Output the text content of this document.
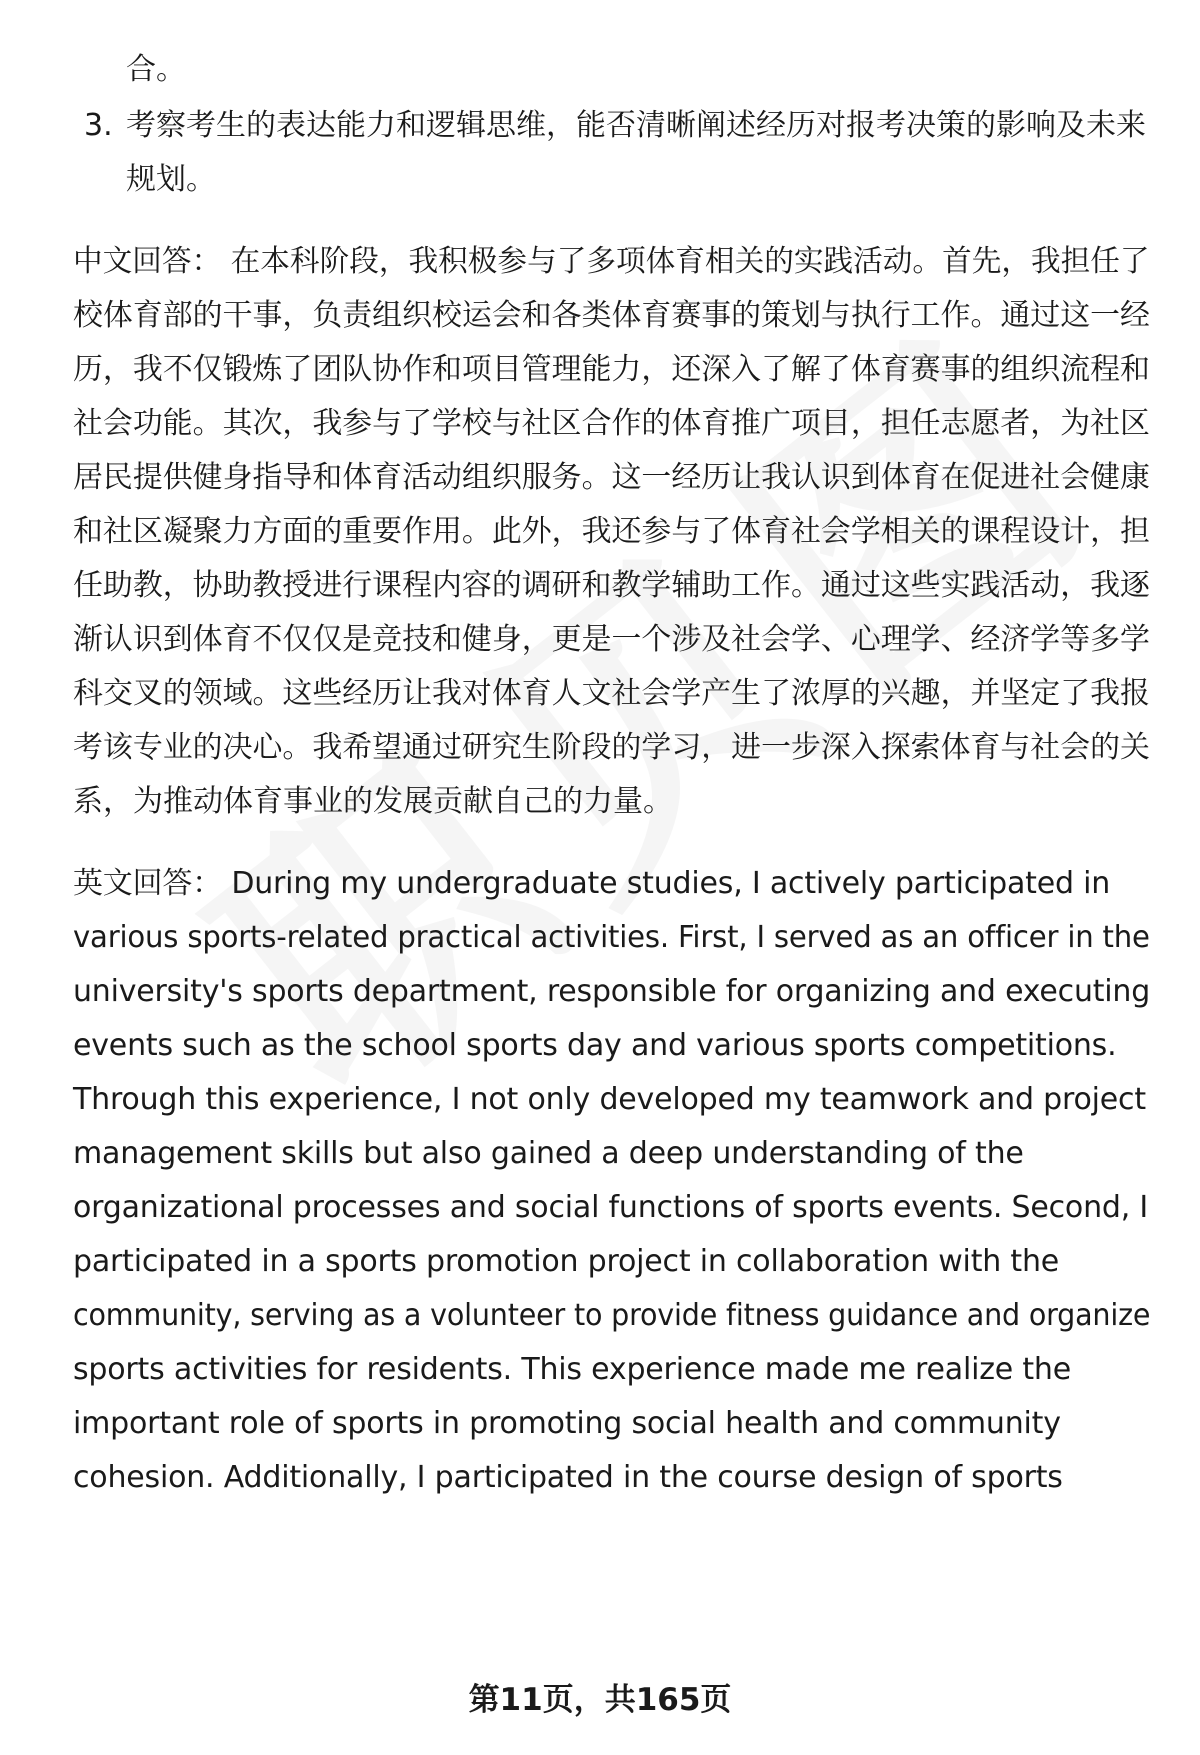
合。
3. 考察考生的表达能力和逻辑思维，能否清晰阐述经历对报考决策的影响及未来
规划。
中文回答： 在本科阶段，我积极参与了多项体育相关的实践活动。首先，我担任了
校体育部的干事，负责组织校运会和各类体育赛事的策划与执行工作。通过这一经
历，我不仅锻炼了团队协作和项目管理能力，还深入了解了体育赛事的组织流程和
社会功能。其次，我参与了学校与社区合作的体育推广项目，担任志愿者，为社区
居民提供健身指导和体育活动组织服务。这一经历让我认识到体育在促进社会健康
和社区凝聚力方面的重要作用。此外，我还参与了体育社会学相关的课程设计，担
任助教，协助教授进行课程内容的调研和教学辅助工作。通过这些实践活动，我逐
渐认识到体育不仅仅是竞技和健身，更是一个涉及社会学、心理学、经济学等多学
科交叉的领域。这些经历让我对体育人文社会学产生了浓厚的兴趣，并坚定了我报
考该专业的决心。我希望通过研究生阶段的学习，进一步深入探索体育与社会的关
系，为推动体育事业的发展贡献自己的力量。
英文回答： During my undergraduate studies, I actively participated in
various sports-related practical activities. First, I served as an officer in the
university's sports department, responsible for organizing and executing
events such as the school sports day and various sports competitions.
Through this experience, I not only developed my teamwork and project
management skills but also gained a deep understanding of the
organizational processes and social functions of sports events. Second, I
participated in a sports promotion project in collaboration with the
community, serving as a volunteer to provide fitness guidance and organize
sports activities for residents. This experience made me realize the
important role of sports in promoting social health and community
cohesion. Additionally, I participated in the course design of sports
第11页，共165页
